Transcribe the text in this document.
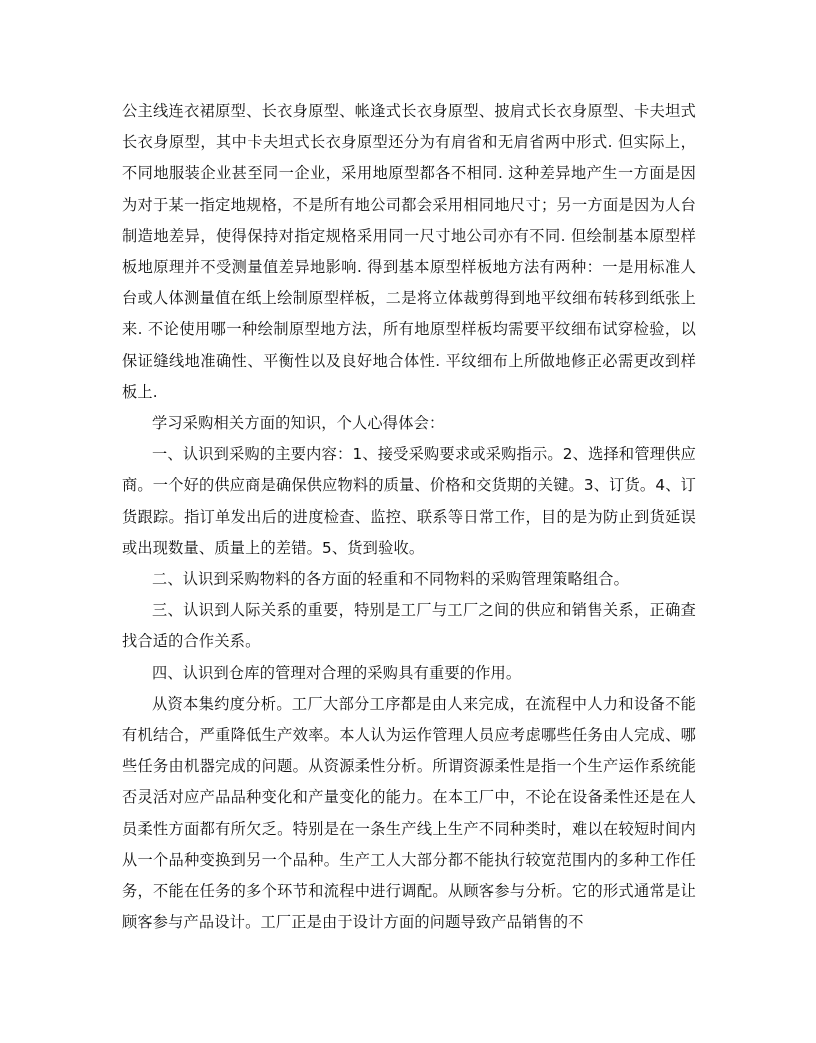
公主线连衣裙原型、长衣身原型、帐逢式长衣身原型、披肩式长衣身原型、卡夫坦式长衣身原型，其中卡夫坦式长衣身原型还分为有肩省和无肩省两中形式. 但实际上，不同地服装企业甚至同一企业，采用地原型都各不相同. 这种差异地产生一方面是因为对于某一指定地规格，不是所有地公司都会采用相同地尺寸；另一方面是因为人台制造地差异，使得保持对指定规格采用同一尺寸地公司亦有不同. 但绘制基本原型样板地原理并不受测量值差异地影响. 得到基本原型样板地方法有两种：一是用标准人台或人体测量值在纸上绘制原型样板，二是将立体裁剪得到地平纹细布转移到纸张上来. 不论使用哪一种绘制原型地方法，所有地原型样板均需要平纹细布试穿检验，以保证缝线地准确性、平衡性以及良好地合体性. 平纹细布上所做地修正必需更改到样板上.

学习采购相关方面的知识，个人心得体会：

一、认识到采购的主要内容：1、接受采购要求或采购指示。2、选择和管理供应商。一个好的供应商是确保供应物料的质量、价格和交货期的关键。3、订货。4、订货跟踪。指订单发出后的进度检查、监控、联系等日常工作，目的是为防止到货延误或出现数量、质量上的差错。5、货到验收。

二、认识到采购物料的各方面的轻重和不同物料的采购管理策略组合。

三、认识到人际关系的重要，特别是工厂与工厂之间的供应和销售关系，正确查找合适的合作关系。

四、认识到仓库的管理对合理的采购具有重要的作用。

从资本集约度分析。工厂大部分工序都是由人来完成，在流程中人力和设备不能有机结合，严重降低生产效率。本人认为运作管理人员应考虑哪些任务由人完成、哪些任务由机器完成的问题。从资源柔性分析。所谓资源柔性是指一个生产运作系统能否灵活对应产品品种变化和产量变化的能力。在本工厂中，不论在设备柔性还是在人员柔性方面都有所欠乏。特别是在一条生产线上生产不同种类时，难以在较短时间内从一个品种变换到另一个品种。生产工人大部分都不能执行较宽范围内的多种工作任务，不能在任务的多个环节和流程中进行调配。从顾客参与分析。它的形式通常是让顾客参与产品设计。工厂正是由于设计方面的问题导致产品销售的不
